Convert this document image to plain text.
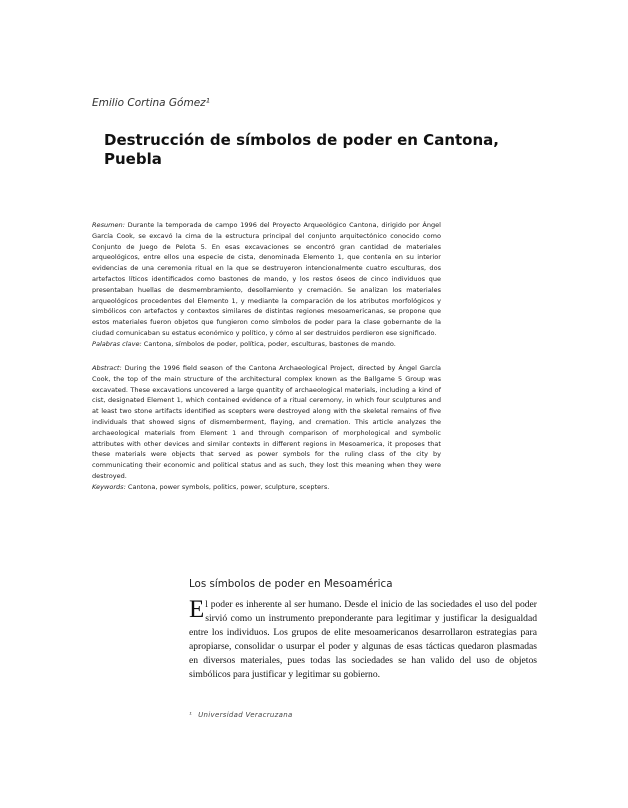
Emilio Cortina Gómez¹
Destrucción de símbolos de poder en Cantona,
Puebla

Resumen: Durante la temporada de campo 1996 del Proyecto Arqueológico Cantona, dirigido por Ángel García Cook, se excavó la cima de la estructura principal del conjunto arquitectónico conocido como Conjunto de Juego de Pelota 5. En esas excavaciones se encontró gran cantidad de materiales arqueológicos, entre ellos una especie de cista, denominada Elemento 1, que contenía en su interior evidencias de una ceremonia ritual en la que se destruyeron intencionalmente cuatro esculturas, dos artefactos líticos identificados como bastones de mando, y los restos óseos de cinco individuos que presentaban huellas de desmembramiento, desollamiento y cremación. Se analizan los materiales arqueológicos procedentes del Elemento 1, y mediante la comparación de los atributos morfológicos y simbólicos con artefactos y contextos similares de distintas regiones mesoamericanas, se propone que estos materiales fueron objetos que fungieron como símbolos de poder para la clase gobernante de la ciudad comunicaban su estatus económico y político, y cómo al ser destruidos perdieron ese significado.

Palabras clave: Cantona, símbolos de poder, política, poder, esculturas, bastones de mando.

Abstract: During the 1996 field season of the Cantona Archaeological Project, directed by Ángel García Cook, the top of the main structure of the architectural complex known as the Ballgame 5 Group was excavated. These excavations uncovered a large quantity of archaeological materials, including a kind of cist, designated Element 1, which contained evidence of a ritual ceremony, in which four sculptures and at least two stone artifacts identified as scepters were destroyed along with the skeletal remains of five individuals that showed signs of dismemberment, flaying, and cremation. This article analyzes the archaeological materials from Element 1 and through comparison of morphological and symbolic attributes with other devices and similar contexts in different regions in Mesoamerica, it proposes that these materials were objects that served as power symbols for the ruling class of the city by communicating their economic and political status and as such, they lost this meaning when they were destroyed.

Keywords: Cantona, power symbols, politics, power, sculpture, scepters.

Los símbolos de poder en Mesoamérica

El poder es inherente al ser humano. Desde el inicio de las sociedades el uso del poder sirvió como un instrumento preponderante para legitimar y justificar la desigualdad entre los individuos. Los grupos de elite mesoamericanos desarrollaron estrategias para apropiarse, consolidar o usurpar el poder y algunas de esas tácticas quedaron plasmadas en diversos materiales, pues todas las sociedades se han valido del uso de objetos simbólicos para justificar y legitimar su gobierno.

¹ Universidad Veracruzana
